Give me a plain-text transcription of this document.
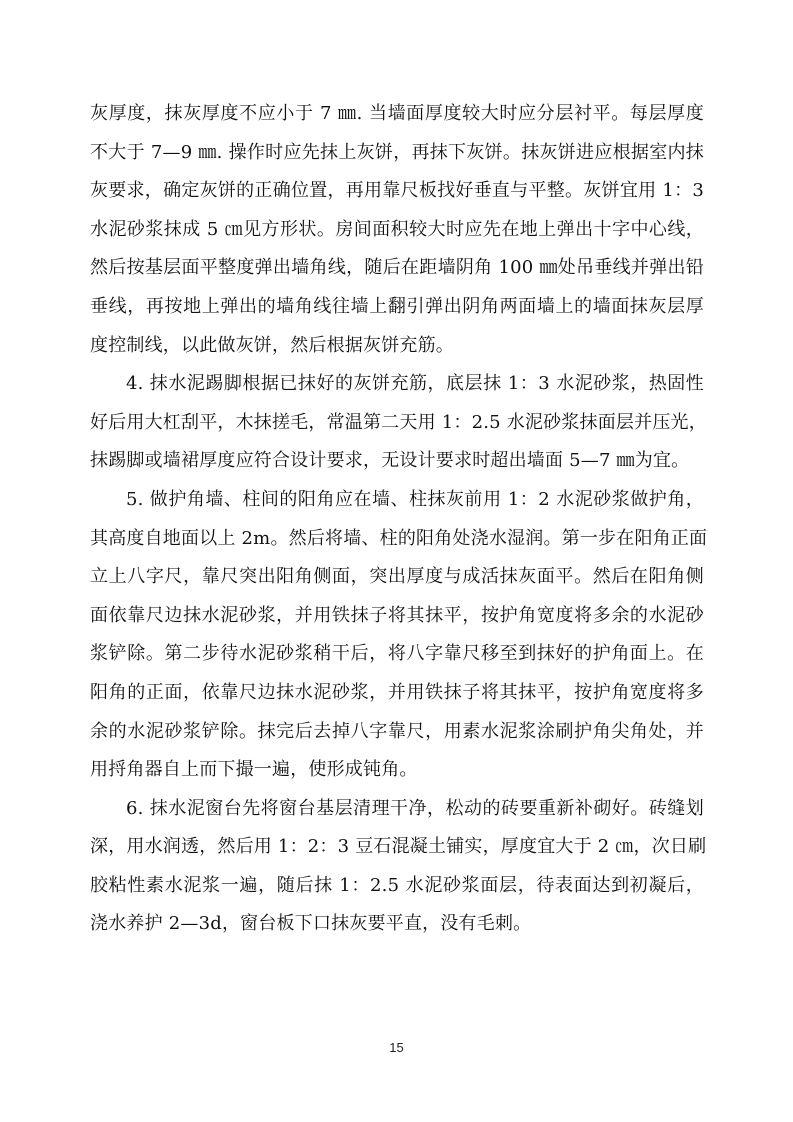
灰厚度，抹灰厚度不应小于 7 ㎜. 当墙面厚度较大时应分层衬平。每层厚度
不大于 7—9 ㎜. 操作时应先抹上灰饼，再抹下灰饼。抹灰饼进应根据室内抹
灰要求，确定灰饼的正确位置，再用靠尺板找好垂直与平整。灰饼宜用 1：3
水泥砂浆抹成 5 ㎝见方形状。房间面积较大时应先在地上弹出十字中心线，
然后按基层面平整度弹出墙角线，随后在距墙阴角 100 ㎜处吊垂线并弹出铅
垂线，再按地上弹出的墙角线往墙上翻引弹出阴角两面墙上的墙面抹灰层厚
度控制线，以此做灰饼，然后根据灰饼充筋。
4. 抹水泥踢脚根据已抹好的灰饼充筋，底层抹 1：3 水泥砂浆，热固性
好后用大杠刮平，木抹搓毛，常温第二天用 1：2.5 水泥砂浆抹面层并压光，
抹踢脚或墙裙厚度应符合设计要求，无设计要求时超出墙面 5—7 ㎜为宜。
5. 做护角墙、柱间的阳角应在墙、柱抹灰前用 1：2 水泥砂浆做护角，
其高度自地面以上 2m。然后将墙、柱的阳角处浇水湿润。第一步在阳角正面
立上八字尺，靠尺突出阳角侧面，突出厚度与成活抹灰面平。然后在阳角侧
面依靠尺边抹水泥砂浆，并用铁抹子将其抹平，按护角宽度将多余的水泥砂
浆铲除。第二步待水泥砂浆稍干后，将八字靠尺移至到抹好的护角面上。在
阳角的正面，依靠尺边抹水泥砂浆，并用铁抹子将其抹平，按护角宽度将多
余的水泥砂浆铲除。抹完后去掉八字靠尺，用素水泥浆涂刷护角尖角处，并
用捋角器自上而下撮一遍，使形成钝角。
6. 抹水泥窗台先将窗台基层清理干净，松动的砖要重新补砌好。砖缝划
深，用水润透，然后用 1：2：3 豆石混凝土铺实，厚度宜大于 2 ㎝，次日刷
胶粘性素水泥浆一遍，随后抹 1：2.5 水泥砂浆面层，待表面达到初凝后，
浇水养护 2—3d，窗台板下口抹灰要平直，没有毛刺。
15
